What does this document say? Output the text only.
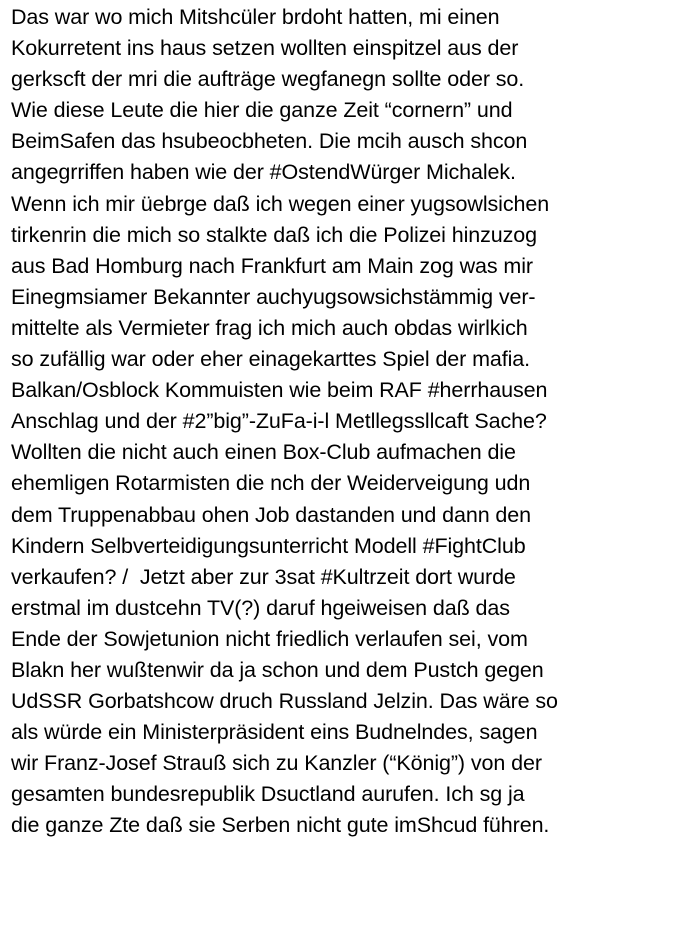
Das war wo mich Mitshcüler brdoht hatten, mi einen
Kokurretent ins haus setzen wollten einspitzel aus der
gerkscft der mri die aufträge wegfanegn sollte oder so.
Wie diese Leute die hier die ganze Zeit “cornern” und
BeimSafen das hsubeocbheten. Die mcih ausch shcon
angegrriffen haben wie der #OstendWürger Michalek.
Wenn ich mir üebrge daß ich wegen einer yugsowlsichen
tirkenrin die mich so stalkte daß ich die Polizei hinzuzog
aus Bad Homburg nach Frankfurt am Main zog was mir
Einegmsiamer Bekannter auchyugsowsichstämmig ver-
mittelte als Vermieter frag ich mich auch obdas wirlkich
so zufällig war oder eher einagekarttes Spiel der mafia.
Balkan/Osblock Kommuisten wie beim RAF #herrhausen
Anschlag und der #2”big”-ZuFa-i-l Metllegssllcaft Sache?
Wollten die nicht auch einen Box-Club aufmachen die
ehemligen Rotarmisten die nch der Weiderveigung udn
dem Truppenabbau ohen Job dastanden und dann den
Kindern Selbverteidigungsunterricht Modell #FightClub
verkaufen? /  Jetzt aber zur 3sat #Kultrzeit dort wurde
erstmal im dustcehn TV(?) daruf hgeiweisen daß das
Ende der Sowjetunion nicht friedlich verlaufen sei, vom
Blakn her wußtenwir da ja schon und dem Pustch gegen
UdSSR Gorbatshcow druch Russland Jelzin. Das wäre so
als würde ein Ministerpräsident eins Budnelndes, sagen
wir Franz-Josef Strauß sich zu Kanzler (“König”) von der
gesamten bundesrepublik Dsuctland aurufen. Ich sg ja
die ganze Zte daß sie Serben nicht gute imShcud führen.
